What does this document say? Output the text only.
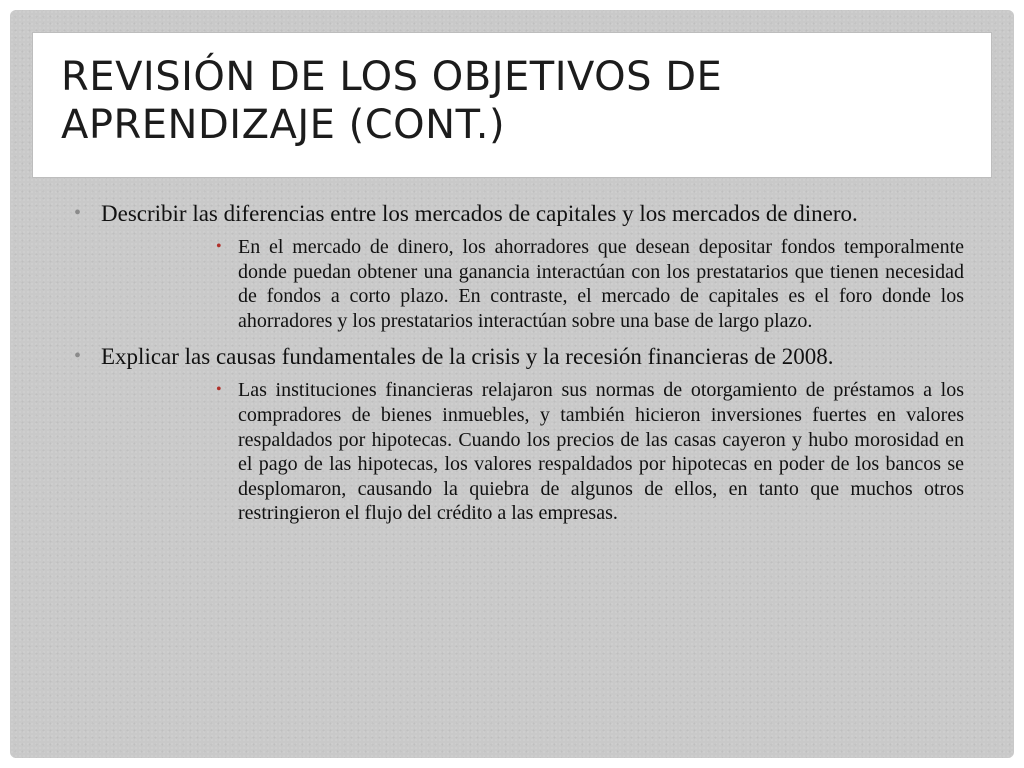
REVISIÓN DE LOS OBJETIVOS DE APRENDIZAJE (CONT.)
• Describir las diferencias entre los mercados de capitales y los mercados de dinero.
• En el mercado de dinero, los ahorradores que desean depositar fondos temporalmente donde puedan obtener una ganancia interactúan con los prestatarios que tienen necesidad de fondos a corto plazo. En contraste, el mercado de capitales es el foro donde los ahorradores y los prestatarios interactúan sobre una base de largo plazo.
• Explicar las causas fundamentales de la crisis y la recesión financieras de 2008.
• Las instituciones financieras relajaron sus normas de otorgamiento de préstamos a los compradores de bienes inmuebles, y también hicieron inversiones fuertes en valores respaldados por hipotecas. Cuando los precios de las casas cayeron y hubo morosidad en el pago de las hipotecas, los valores respaldados por hipotecas en poder de los bancos se desplomaron, causando la quiebra de algunos de ellos, en tanto que muchos otros restringieron el flujo del crédito a las empresas.
